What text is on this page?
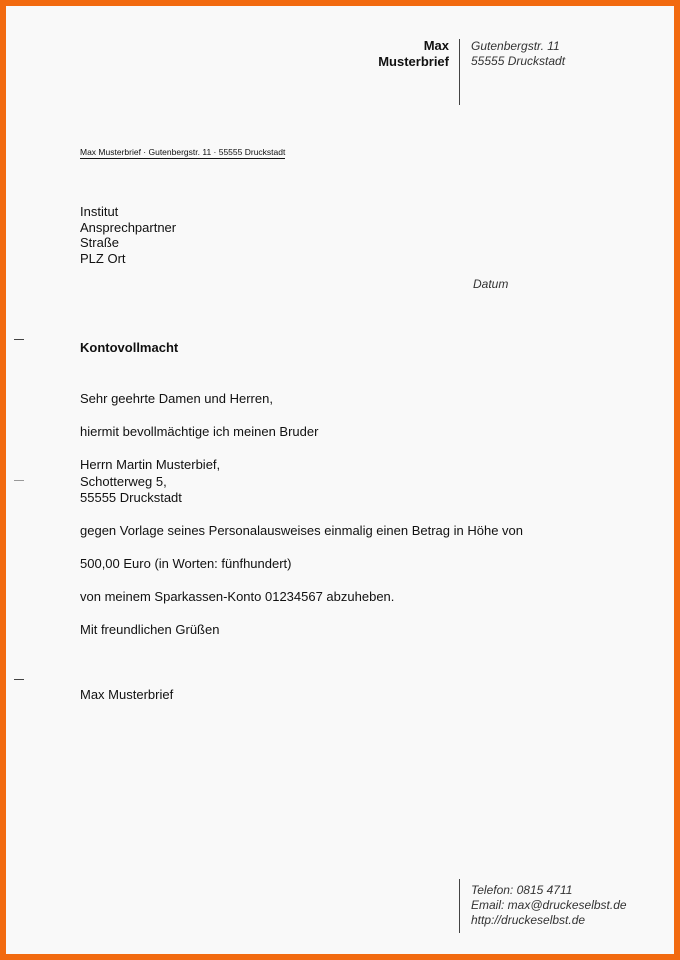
Max
Musterbrief
Gutenbergstr. 11
55555 Druckstadt
Max Musterbrief · Gutenbergstr. 11 · 55555 Druckstadt
Institut
Ansprechpartner
Straße
PLZ Ort
Datum
Kontovollmacht
Sehr geehrte Damen und Herren,
hiermit bevollmächtige ich meinen Bruder
Herrn Martin Musterbief,
Schotterweg 5,
55555 Druckstadt
gegen Vorlage seines Personalausweises einmalig einen Betrag in Höhe von
500,00 Euro (in Worten: fünfhundert)
von meinem Sparkassen-Konto 01234567 abzuheben.
Mit freundlichen Grüßen
Max Musterbrief
Telefon: 0815 4711
Email: max@druckeselbst.de
http://druckeselbst.de
